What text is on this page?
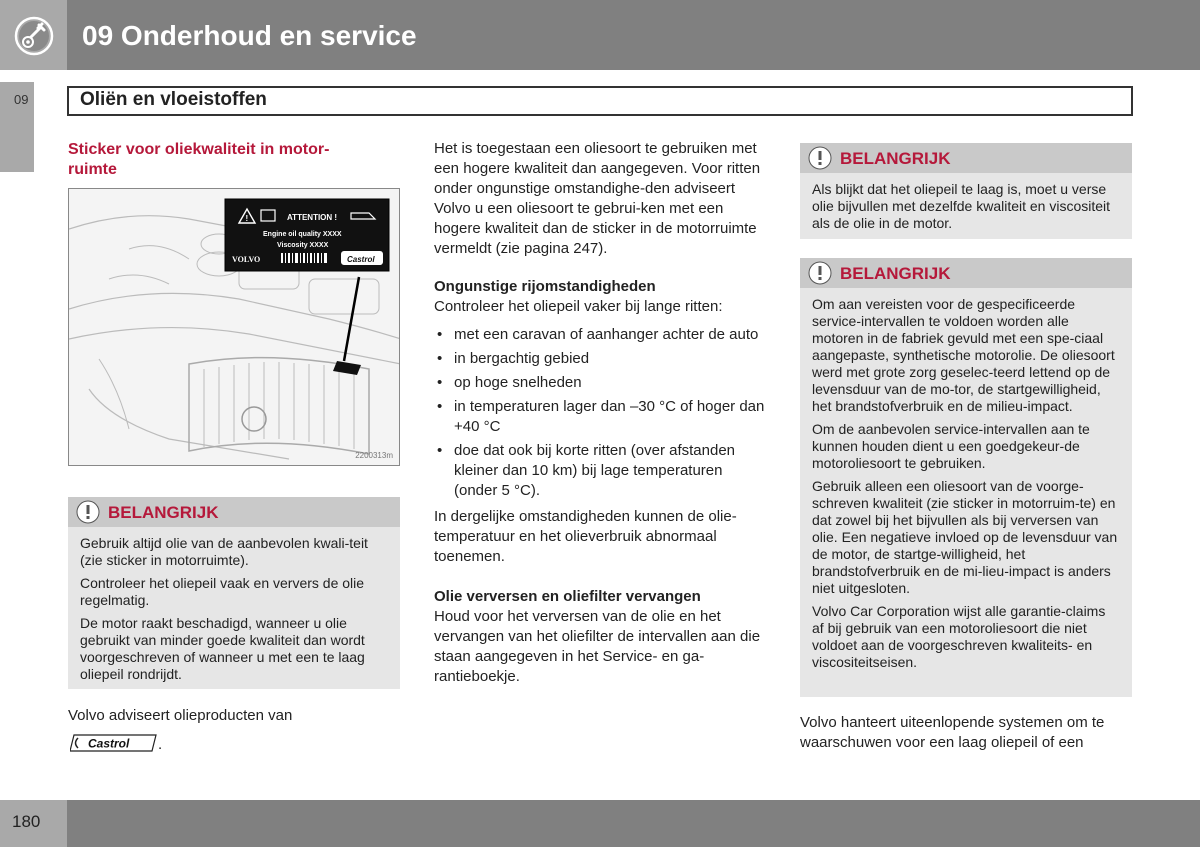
09 Onderhoud en service
09	Oliën en vloeistoffen
Sticker voor oliekwaliteit in motor-ruimte
!	ATTENTION !
Engine oil quality XXXX
Viscosity XXXX
VOLVO	Castrol
2200313m
BELANGRIJK

Gebruik altijd olie van de aanbevolen kwali-teit (zie sticker in motorruimte).

Controleer het oliepeil vaak en ververs de olie regelmatig.

De motor raakt beschadigd, wanneer u olie gebruikt van minder goede kwaliteit dan wordt voorgeschreven of wanneer u met een te laag oliepeil rondrijdt.

Volvo adviseert olieproducten van
Castrol .

Het is toegestaan een oliesoort te gebruiken met een hogere kwaliteit dan aangegeven. Voor ritten onder ongunstige omstandighe-den adviseert Volvo u een oliesoort te gebrui-ken met een hogere kwaliteit dan de sticker in de motorruimte vermeldt (zie pagina 247).

Ongunstige rijomstandigheden

Controleer het oliepeil vaker bij lange ritten:

• met een caravan of aanhanger achter de auto
• in bergachtig gebied
• op hoge snelheden
• in temperaturen lager dan –30 °C of hoger dan +40 °C
• doe dat ook bij korte ritten (over afstanden kleiner dan 10 km) bij lage temperaturen (onder 5 °C).

In dergelijke omstandigheden kunnen de olie-temperatuur en het olieverbruik abnormaal toenemen.

Olie verversen en oliefilter vervangen

Houd voor het verversen van de olie en het vervangen van het oliefilter de intervallen aan die staan aangegeven in het Service- en ga-rantieboekje.

BELANGRIJK

Als blijkt dat het oliepeil te laag is, moet u verse olie bijvullen met dezelfde kwaliteit en viscositeit als de olie in de motor.

BELANGRIJK

Om aan vereisten voor de gespecificeerde service-intervallen te voldoen worden alle motoren in de fabriek gevuld met een spe-ciaal aangepaste, synthetische motorolie. De oliesoort werd met grote zorg geselec-teerd lettend op de levensduur van de mo-tor, de startgewilligheid, het brandstofverbruik en de milieu-impact.

Om de aanbevolen service-intervallen aan te kunnen houden dient u een goedgekeur-de motoroliesoort te gebruiken.

Gebruik alleen een oliesoort van de voorge-schreven kwaliteit (zie sticker in motorruim-te) en dat zowel bij het bijvullen als bij verversen van olie. Een negatieve invloed op de levensduur van de motor, de startge-willigheid, het brandstofverbruik en de mi-lieu-impact is anders niet uitgesloten.

Volvo Car Corporation wijst alle garantie-claims af bij gebruik van een motoroliesoort die niet voldoet aan de voorgeschreven kwaliteits- en viscositeitseisen.

Volvo hanteert uiteenlopende systemen om te waarschuwen voor een laag oliepeil of een

180
